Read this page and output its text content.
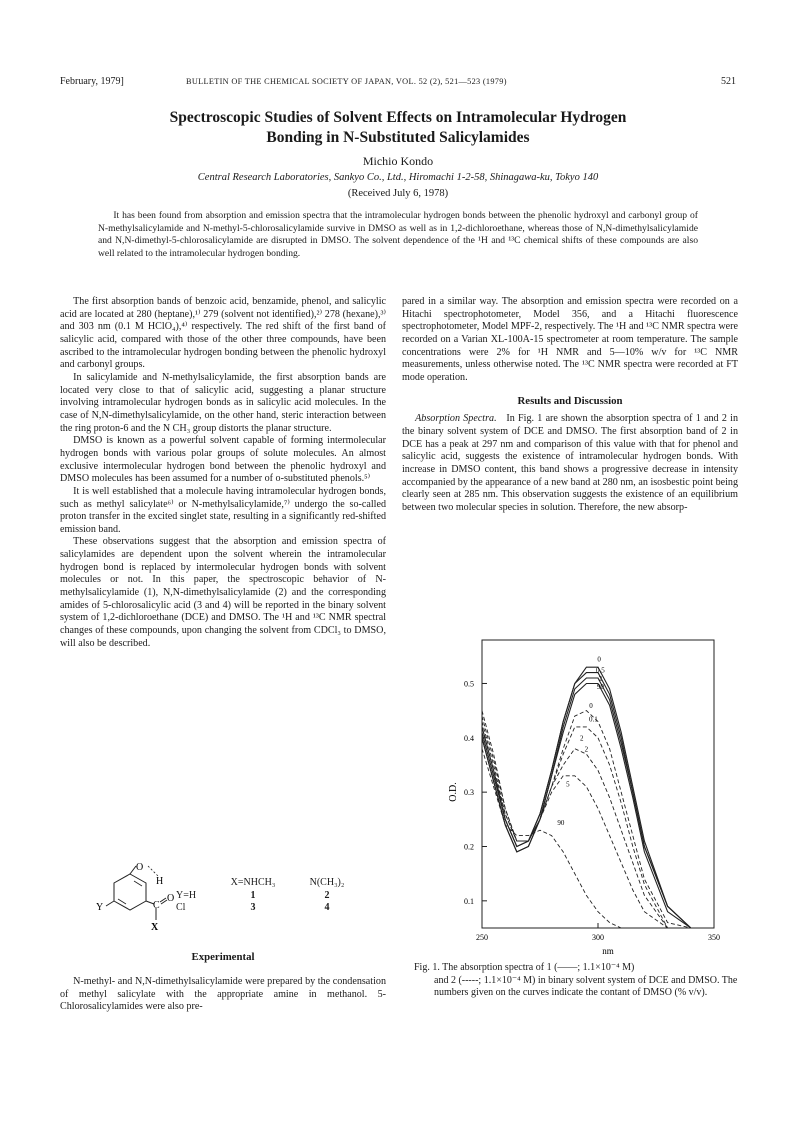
February, 1979]	BULLETIN OF THE CHEMICAL SOCIETY OF JAPAN, VOL. 52 (2), 521—523 (1979)	521
Spectroscopic Studies of Solvent Effects on Intramolecular Hydrogen
Bonding in N-Substituted Salicylamides
Michio Kondo
Central Research Laboratories, Sankyo Co., Ltd., Hiromachi 1-2-58, Shinagawa-ku, Tokyo 140
(Received July 6, 1978)
It has been found from absorption and emission spectra that the intramolecular hydrogen bonds between the phenolic hydroxyl and carbonyl group of N-methylsalicylamide and N-methyl-5-chlorosalicylamide survive in DMSO as well as in 1,2-dichloroethane, whereas those of N,N-dimethylsalicylamide and N,N-dimethyl-5-chlorosalicylamide are disrupted in DMSO. The solvent dependence of the ¹H and ¹³C chemical shifts of these compounds are also well related to the intramolecular hydrogen bonding.

The first absorption bands of benzoic acid, benzamide, phenol, and salicylic acid are located at 280 (heptane),¹⁾ 279 (solvent not identified),²⁾ 278 (hexane),³⁾ and 303 nm (0.1 M HClO₄),⁴⁾ respectively. The red shift of the first band of salicylic acid, compared with those of the other three compounds, have been ascribed to the intramolecular hydrogen bonding between the phenolic hydroxyl and carbonyl groups.

In salicylamide and N-methylsalicylamide, the first absorption bands are located very close to that of salicylic acid, suggesting a planar structure involving intramolecular hydrogen bonds as in salicylic acid molecules. In the case of N,N-dimethylsalicylamide, on the other hand, steric interaction between the ring proton-6 and the N CH₃ group distorts the planar structure.

DMSO is known as a powerful solvent capable of forming intermolecular hydrogen bonds with various polar groups of solute molecules. An almost exclusive intermolecular hydrogen bond between the phenolic hydroxyl and DMSO molecules has been assumed for a number of o-substituted phenols.⁵⁾

It is well established that a molecule having intramolecular hydrogen bonds, such as methyl salicylate⁶⁾ or N-methylsalicylamide,⁷⁾ undergo the so-called proton transfer in the excited singlet state, resulting in a significantly red-shifted emission band.

These observations suggest that the absorption and emission spectra of salicylamides are dependent upon the solvent wherein the intramolecular hydrogen bond is replaced by intermolecular hydrogen bonds with solvent molecules or not. In this paper, the spectroscopic behavior of N-methylsalicylamide (1), N,N-dimethylsalicylamide (2) and the corresponding amides of 5-chlorosalicylic acid (3 and 4) will be reported in the binary solvent system of 1,2-dichloroethane (DCE) and DMSO. The ¹H and ¹³C NMR spectral changes of these compounds, upon changing the solvent from CDCl₃ to DMSO, will also be described.

O
H
Y	C
O
X
X=NHCH₃	N(CH₃)₂
Y=H	1	2
Cl	3	4
Experimental
N-methyl- and N,N-dimethylsalicylamide were prepared by the condensation of methyl salicylate with the appropriate amine in methanol. 5-Chlorosalicylamides were also pre-

pared in a similar way. The absorption and emission spectra were recorded on a Hitachi spectrophotometer, Model 356, and a Hitachi fluorescence spectrophotometer, Model MPF-2, respectively. The ¹H and ¹³C NMR spectra were recorded on a Varian XL-100A-15 spectrometer at room temperature. The sample concentrations were 2% for ¹H NMR and 5—10% w/v for ¹³C NMR measurements, unless otherwise noted. The ¹³C NMR spectra were recorded at FT mode operation.

Results and Discussion

Absorption Spectra. In Fig. 1 are shown the absorption spectra of 1 and 2 in the binary solvent system of DCE and DMSO. The first absorption band of 2 in DCE has a peak at 297 nm and comparison of this value with that for phenol and salicylic acid, suggests the existence of intramolecular hydrogen bonds. With increase in DMSO content, this band shows a progressive decrease in intensity accompanied by the appearance of a new band at 280 nm, an isosbestic point being clearly seen at 285 nm. This observation suggests the existence of an equilibrium between two molecular species in solution. Therefore, the new absorp-

0.1
0.2
0.3
0.4
0.5
250	300	350
O.D.
nm
0
0.5
2
90
0
0.1
2
2
5
90
Fig. 1. The absorption spectra of 1 (——; 1.1×10⁻⁴ M)
and 2 (-----; 1.1×10⁻⁴ M) in binary solvent system of DCE and DMSO. The numbers given on the curves indicate the contant of DMSO (% v/v).
